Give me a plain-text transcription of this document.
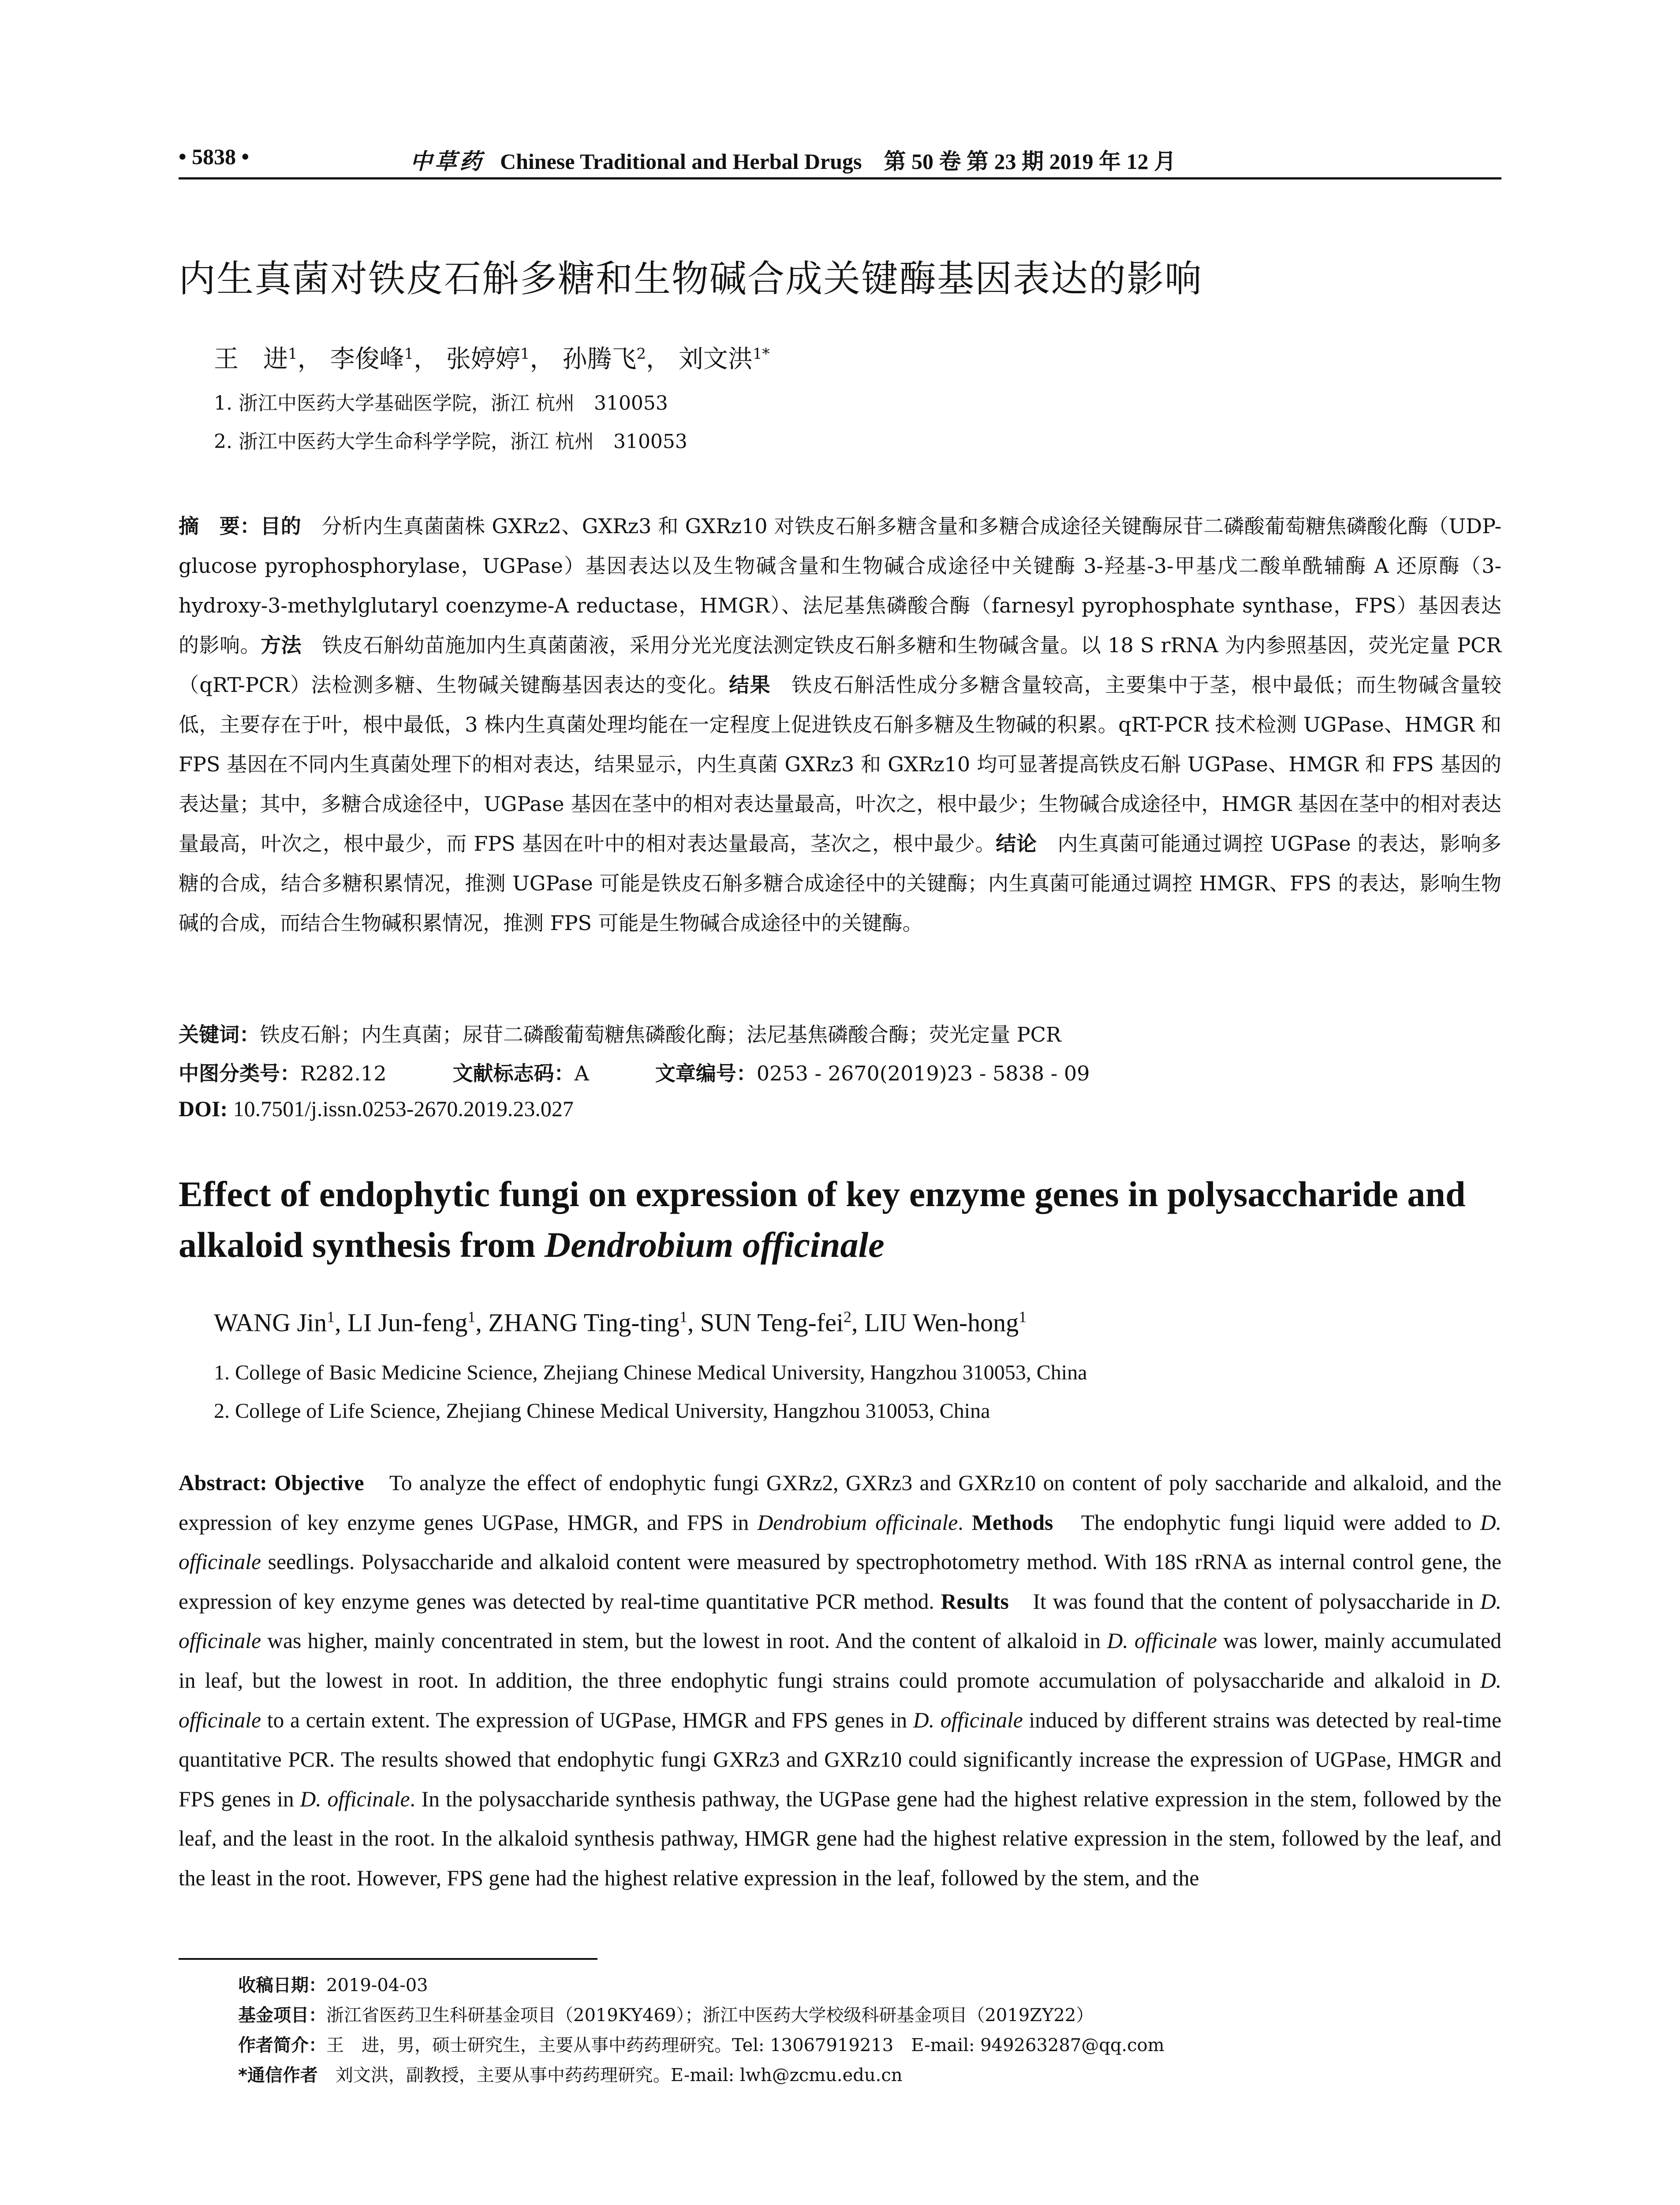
• 5838 •	中草药 Chinese Traditional and Herbal Drugs　第 50 卷 第 23 期 2019 年 12 月
内生真菌对铁皮石斛多糖和生物碱合成关键酶基因表达的影响
王　进$^1$， 李俊峰$^1$， 张婷婷$^1$， 孙腾飞$^2$， 刘文洪$^{1*}$
1. 浙江中医药大学基础医学院，浙江 杭州　310053
2. 浙江中医药大学生命科学学院，浙江 杭州　310053
摘　要：目的　分析内生真菌菌株 GXRz2、GXRz3 和 GXRz10 对铁皮石斛多糖含量和多糖合成途径关键酶尿苷二磷酸葡萄糖焦磷酸化酶（UDP-glucose pyrophosphorylase，UGPase）基因表达以及生物碱含量和生物碱合成途径中关键酶 3-羟基-3-甲基戊二酸单酰辅酶 A 还原酶（3-hydroxy-3-methylglutaryl coenzyme-A reductase，HMGR）、法尼基焦磷酸合酶（farnesyl pyrophosphate synthase，FPS）基因表达的影响。方法　铁皮石斛幼苗施加内生真菌菌液，采用分光光度法测定铁皮石斛多糖和生物碱含量。以 18 S rRNA 为内参照基因，荧光定量 PCR（qRT-PCR）法检测多糖、生物碱关键酶基因表达的变化。结果　铁皮石斛活性成分多糖含量较高，主要集中于茎，根中最低；而生物碱含量较低，主要存在于叶，根中最低，3 株内生真菌处理均能在一定程度上促进铁皮石斛多糖及生物碱的积累。qRT-PCR 技术检测 UGPase、HMGR 和 FPS 基因在不同内生真菌处理下的相对表达，结果显示，内生真菌 GXRz3 和 GXRz10 均可显著提高铁皮石斛 UGPase、HMGR 和 FPS 基因的表达量；其中，多糖合成途径中，UGPase 基因在茎中的相对表达量最高，叶次之，根中最少；生物碱合成途径中，HMGR 基因在茎中的相对表达量最高，叶次之，根中最少，而 FPS 基因在叶中的相对表达量最高，茎次之，根中最少。结论　内生真菌可能通过调控 UGPase 的表达，影响多糖的合成，结合多糖积累情况，推测 UGPase 可能是铁皮石斛多糖合成途径中的关键酶；内生真菌可能通过调控 HMGR、FPS 的表达，影响生物碱的合成，而结合生物碱积累情况，推测 FPS 可能是生物碱合成途径中的关键酶。
关键词：铁皮石斛；内生真菌；尿苷二磷酸葡萄糖焦磷酸化酶；法尼基焦磷酸合酶；荧光定量 PCR
中图分类号：R282.12	文献标志码：A	文章编号：0253 - 2670(2019)23 - 5838 - 09
DOI: 10.7501/j.issn.0253-2670.2019.23.027
Effect of endophytic fungi on expression of key enzyme genes in polysaccharide and alkaloid synthesis from Dendrobium officinale
WANG Jin$^1$, LI Jun-feng$^1$, ZHANG Ting-ting$^1$, SUN Teng-fei$^2$, LIU Wen-hong$^1$
1. College of Basic Medicine Science, Zhejiang Chinese Medical University, Hangzhou 310053, China
2. College of Life Science, Zhejiang Chinese Medical University, Hangzhou 310053, China
Abstract: Objective　To analyze the effect of endophytic fungi GXRz2, GXRz3 and GXRz10 on content of poly saccharide and alkaloid, and the expression of key enzyme genes UGPase, HMGR, and FPS in Dendrobium officinale. Methods　The endophytic fungi liquid were added to D. officinale seedlings. Polysaccharide and alkaloid content were measured by spectrophotometry method. With 18S rRNA as internal control gene, the expression of key enzyme genes was detected by real-time quantitative PCR method. Results　It was found that the content of polysaccharide in D. officinale was higher, mainly concentrated in stem, but the lowest in root. And the content of alkaloid in D. officinale was lower, mainly accumulated in leaf, but the lowest in root. In addition, the three endophytic fungi strains could promote accumulation of polysaccharide and alkaloid in D. officinale to a certain extent. The expression of UGPase, HMGR and FPS genes in D. officinale induced by different strains was detected by real-time quantitative PCR. The results showed that endophytic fungi GXRz3 and GXRz10 could significantly increase the expression of UGPase, HMGR and FPS genes in D. officinale. In the polysaccharide synthesis pathway, the UGPase gene had the highest relative expression in the stem, followed by the leaf, and the least in the root. In the alkaloid synthesis pathway, HMGR gene had the highest relative expression in the stem, followed by the leaf, and the least in the root. However, FPS gene had the highest relative expression in the leaf, followed by the stem, and the
收稿日期：2019-04-03
基金项目：浙江省医药卫生科研基金项目（2019KY469）；浙江中医药大学校级科研基金项目（2019ZY22）
作者简介：王　进，男，硕士研究生，主要从事中药药理研究。Tel: 13067919213　E-mail: 949263287@qq.com
*通信作者　刘文洪，副教授，主要从事中药药理研究。E-mail: lwh@zcmu.edu.cn
